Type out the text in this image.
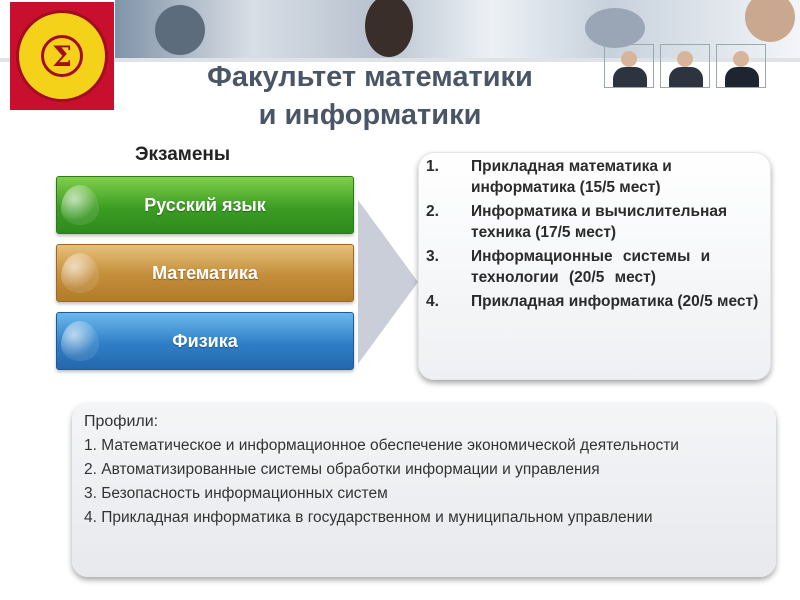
Σ
Факультет математики
и информатики
Экзамены
Русский язык
Математика
Физика
1.	Прикладная математика и информатика (15/5 мест)
2.	Информатика и вычислительная техника (17/5 мест)
3.	Информационные системы и технологии (20/5 мест)
4.	Прикладная информатика (20/5 мест)
Профили:
1. Математическое и информационное обеспечение экономической деятельности
2. Автоматизированные системы обработки информации и управления
3. Безопасность информационных систем
4. Прикладная информатика в государственном и муниципальном управлении
